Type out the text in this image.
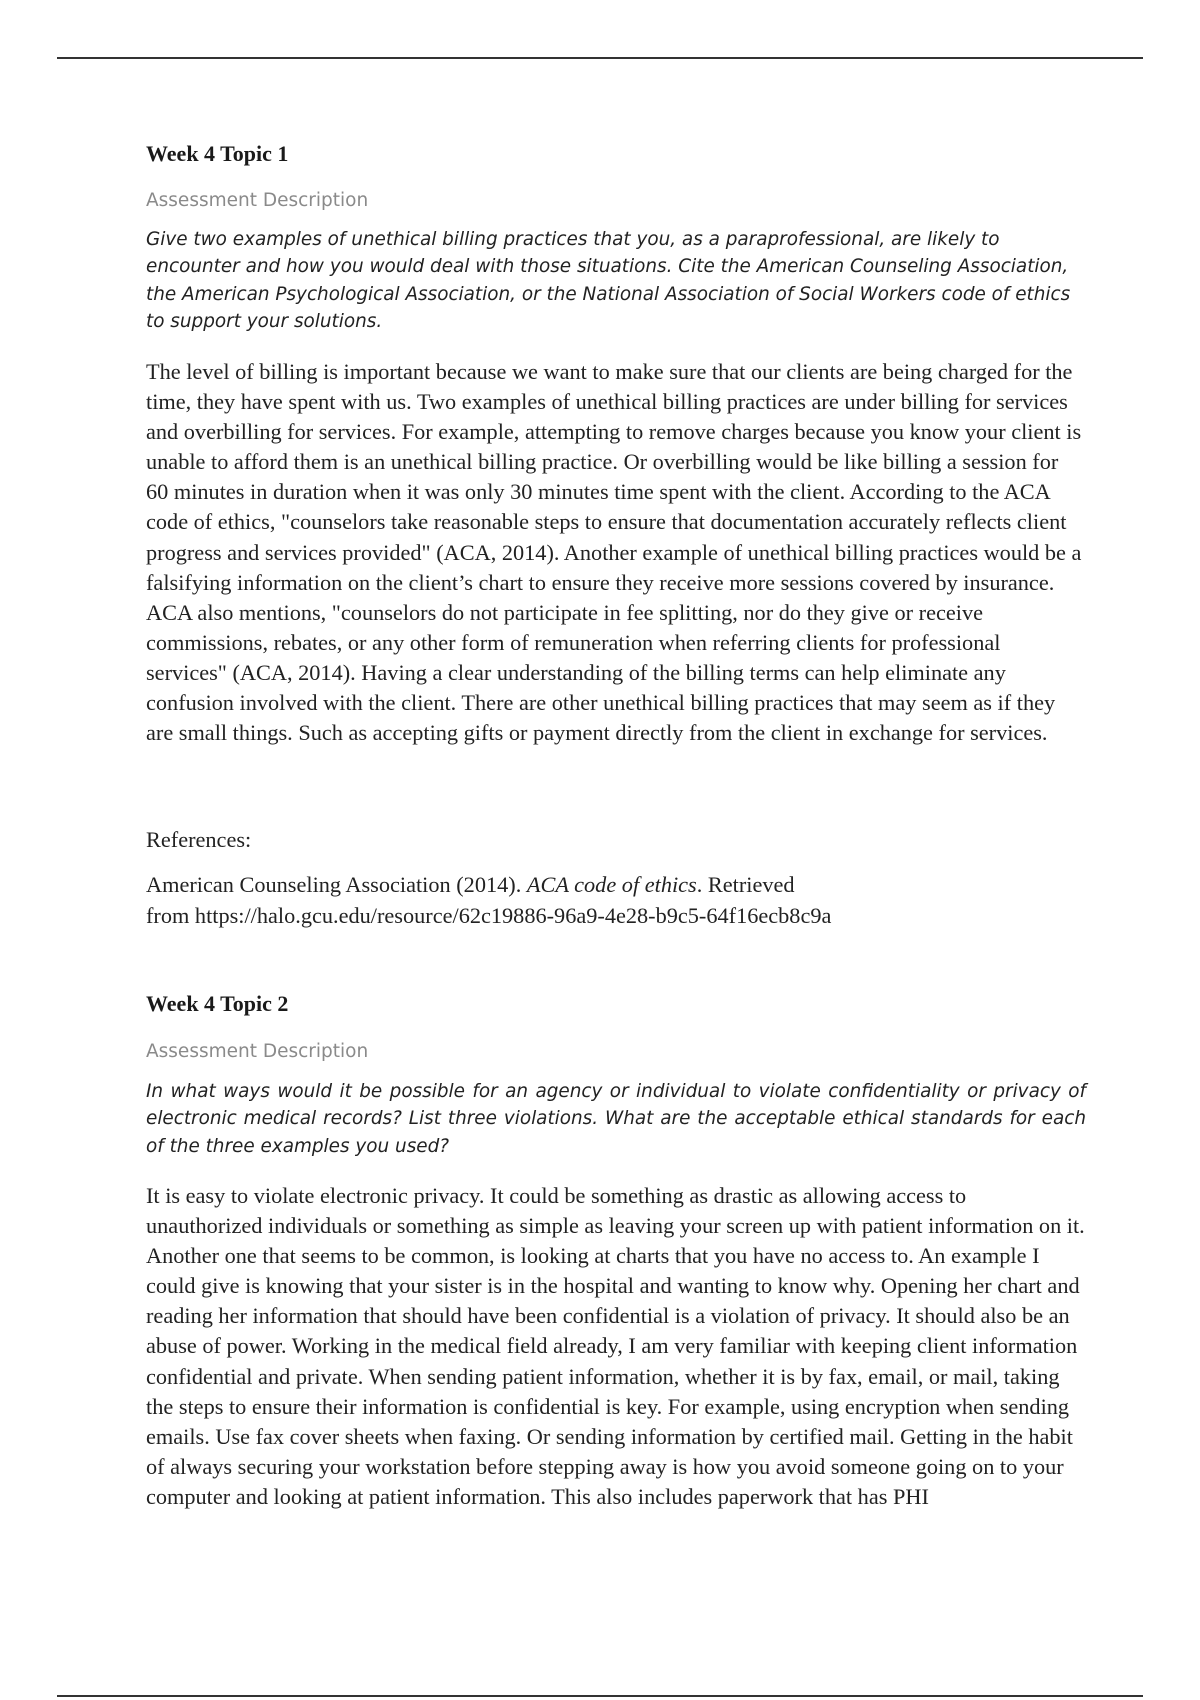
Week 4 Topic 1

Assessment Description

Give two examples of unethical billing practices that you, as a paraprofessional, are likely to encounter and how you would deal with those situations. Cite the American Counseling Association, the American Psychological Association, or the National Association of Social Workers code of ethics to support your solutions.

The level of billing is important because we want to make sure that our clients are being charged for the time, they have spent with us. Two examples of unethical billing practices are under billing for services and overbilling for services. For example, attempting to remove charges because you know your client is unable to afford them is an unethical billing practice. Or overbilling would be like billing a session for 60 minutes in duration when it was only 30 minutes time spent with the client. According to the ACA code of ethics, "counselors take reasonable steps to ensure that documentation accurately reflects client progress and services provided" (ACA, 2014). Another example of unethical billing practices would be a falsifying information on the client’s chart to ensure they receive more sessions covered by insurance. ACA also mentions, "counselors do not participate in fee splitting, nor do they give or receive commissions, rebates, or any other form of remuneration when referring clients for professional services" (ACA, 2014). Having a clear understanding of the billing terms can help eliminate any confusion involved with the client. There are other unethical billing practices that may seem as if they are small things. Such as accepting gifts or payment directly from the client in exchange for services.

References:

American Counseling Association (2014). ACA code of ethics. Retrieved
from https://halo.gcu.edu/resource/62c19886-96a9-4e28-b9c5-64f16ecb8c9a

Week 4 Topic 2

Assessment Description

In what ways would it be possible for an agency or individual to violate confidentiality or privacy of electronic medical records? List three violations. What are the acceptable ethical standards for each of the three examples you used?

It is easy to violate electronic privacy. It could be something as drastic as allowing access to unauthorized individuals or something as simple as leaving your screen up with patient information on it. Another one that seems to be common, is looking at charts that you have no access to. An example I could give is knowing that your sister is in the hospital and wanting to know why. Opening her chart and reading her information that should have been confidential is a violation of privacy. It should also be an abuse of power. Working in the medical field already, I am very familiar with keeping client information confidential and private. When sending patient information, whether it is by fax, email, or mail, taking the steps to ensure their information is confidential is key. For example, using encryption when sending emails. Use fax cover sheets when faxing. Or sending information by certified mail. Getting in the habit of always securing your workstation before stepping away is how you avoid someone going on to your computer and looking at patient information. This also includes paperwork that has PHI
